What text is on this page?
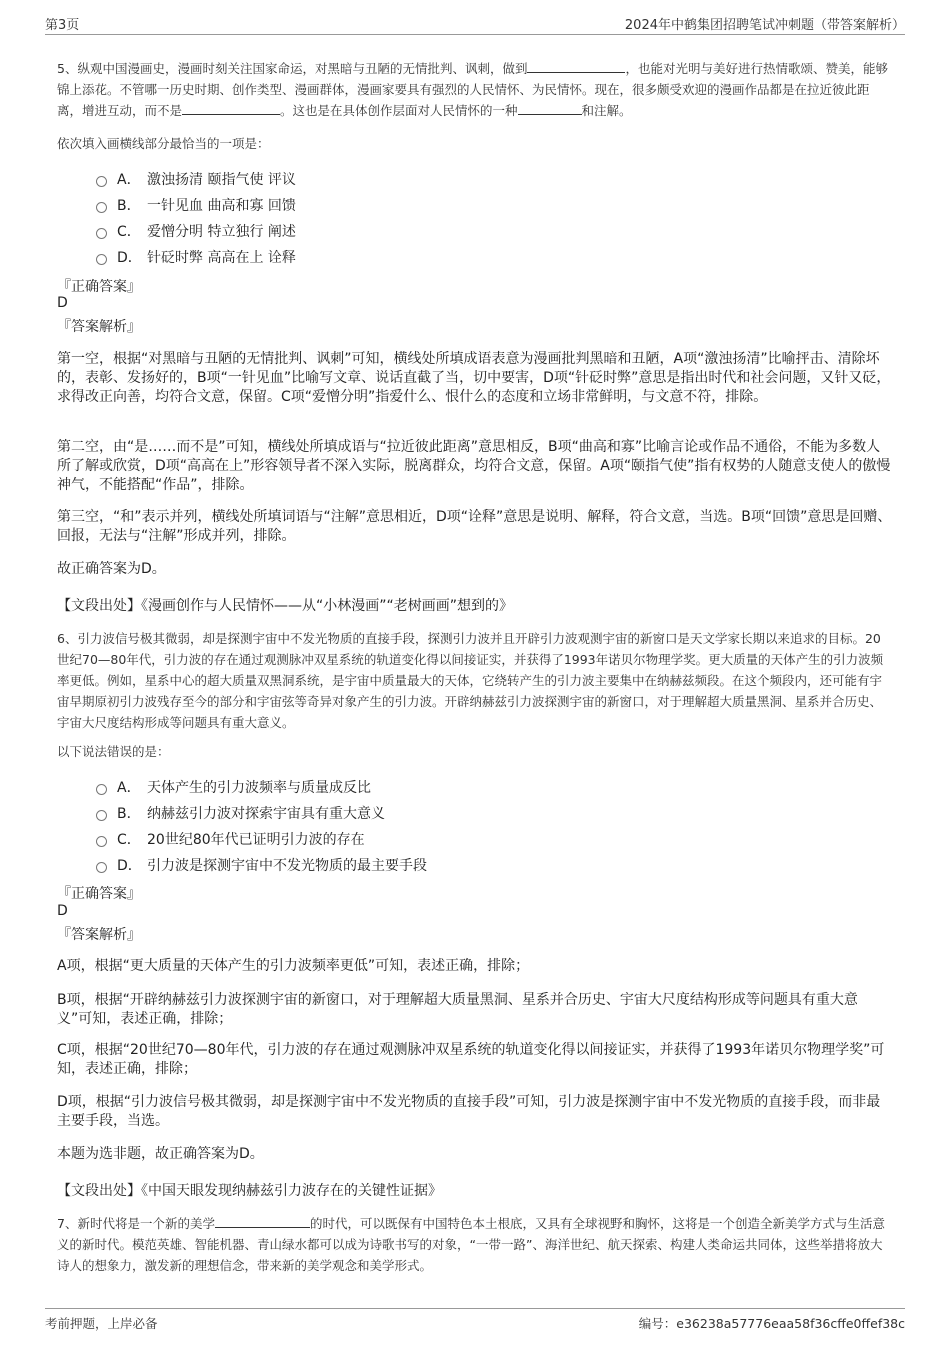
第3页	2024年中鹤集团招聘笔试冲刺题（带答案解析）
5、纵观中国漫画史，漫画时刻关注国家命运，对黑暗与丑陋的无情批判、讽刺，做到	，也能对光明与美好进行热情歌颂、赞美，能够锦上添花。不管哪一历史时期、创作类型、漫画群体，漫画家要具有强烈的人民情怀、为民情怀。现在，很多颇受欢迎的漫画作品都是在拉近彼此距离，增进互动，而不是	。这也是在具体创作层面对人民情怀的一种	和注解。
依次填入画横线部分最恰当的一项是：
A． 激浊扬清 颐指气使 评议
B． 一针见血 曲高和寡 回馈
C． 爱憎分明 特立独行 阐述
D． 针砭时弊 高高在上 诠释
『正确答案』
D
『答案解析』
第一空，根据“对黑暗与丑陋的无情批判、讽刺”可知，横线处所填成语表意为漫画批判黑暗和丑陋，A项“激浊扬清”比喻抨击、清除坏的，表彰、发扬好的，B项“一针见血”比喻写文章、说话直截了当，切中要害，D项“针砭时弊”意思是指出时代和社会问题，又针又砭，求得改正向善，均符合文意，保留。C项“爱憎分明”指爱什么、恨什么的态度和立场非常鲜明，与文意不符，排除。
第二空，由“是……而不是”可知，横线处所填成语与“拉近彼此距离”意思相反，B项“曲高和寡”比喻言论或作品不通俗，不能为多数人所了解或欣赏，D项“高高在上”形容领导者不深入实际，脱离群众，均符合文意，保留。A项“颐指气使”指有权势的人随意支使人的傲慢神气，不能搭配“作品”，排除。
第三空，“和”表示并列，横线处所填词语与“注解”意思相近，D项“诠释”意思是说明、解释，符合文意，当选。B项“回馈”意思是回赠、回报，无法与“注解”形成并列，排除。
故正确答案为D。
【文段出处】《漫画创作与人民情怀——从“小林漫画”“老树画画”想到的》
6、引力波信号极其微弱，却是探测宇宙中不发光物质的直接手段，探测引力波并且开辟引力波观测宇宙的新窗口是天文学家长期以来追求的目标。20世纪70—80年代，引力波的存在通过观测脉冲双星系统的轨道变化得以间接证实，并获得了1993年诺贝尔物理学奖。更大质量的天体产生的引力波频率更低。例如，星系中心的超大质量双黑洞系统，是宇宙中质量最大的天体，它绕转产生的引力波主要集中在纳赫兹频段。在这个频段内，还可能有宇宙早期原初引力波残存至今的部分和宇宙弦等奇异对象产生的引力波。开辟纳赫兹引力波探测宇宙的新窗口，对于理解超大质量黑洞、星系并合历史、宇宙大尺度结构形成等问题具有重大意义。
以下说法错误的是：
A． 天体产生的引力波频率与质量成反比
B． 纳赫兹引力波对探索宇宙具有重大意义
C． 20世纪80年代已证明引力波的存在
D． 引力波是探测宇宙中不发光物质的最主要手段
『正确答案』
D
『答案解析』
A项，根据“更大质量的天体产生的引力波频率更低”可知，表述正确，排除；
B项，根据“开辟纳赫兹引力波探测宇宙的新窗口，对于理解超大质量黑洞、星系并合历史、宇宙大尺度结构形成等问题具有重大意义”可知，表述正确，排除；
C项，根据“20世纪70—80年代，引力波的存在通过观测脉冲双星系统的轨道变化得以间接证实，并获得了1993年诺贝尔物理学奖”可知，表述正确，排除；
D项，根据“引力波信号极其微弱，却是探测宇宙中不发光物质的直接手段”可知，引力波是探测宇宙中不发光物质的直接手段，而非最主要手段，当选。
本题为选非题，故正确答案为D。
【文段出处】《中国天眼发现纳赫兹引力波存在的关键性证据》
7、新时代将是一个新的美学	的时代，可以既保有中国特色本土根底，又具有全球视野和胸怀，这将是一个创造全新美学方式与生活意义的新时代。模范英雄、智能机器、青山绿水都可以成为诗歌书写的对象，“一带一路”、海洋世纪、航天探索、构建人类命运共同体，这些举措将放大诗人的想象力，激发新的理想信念，带来新的美学观念和美学形式。
考前押题，上岸必备	编号：e36238a57776eaa58f36cffe0ffef38c
